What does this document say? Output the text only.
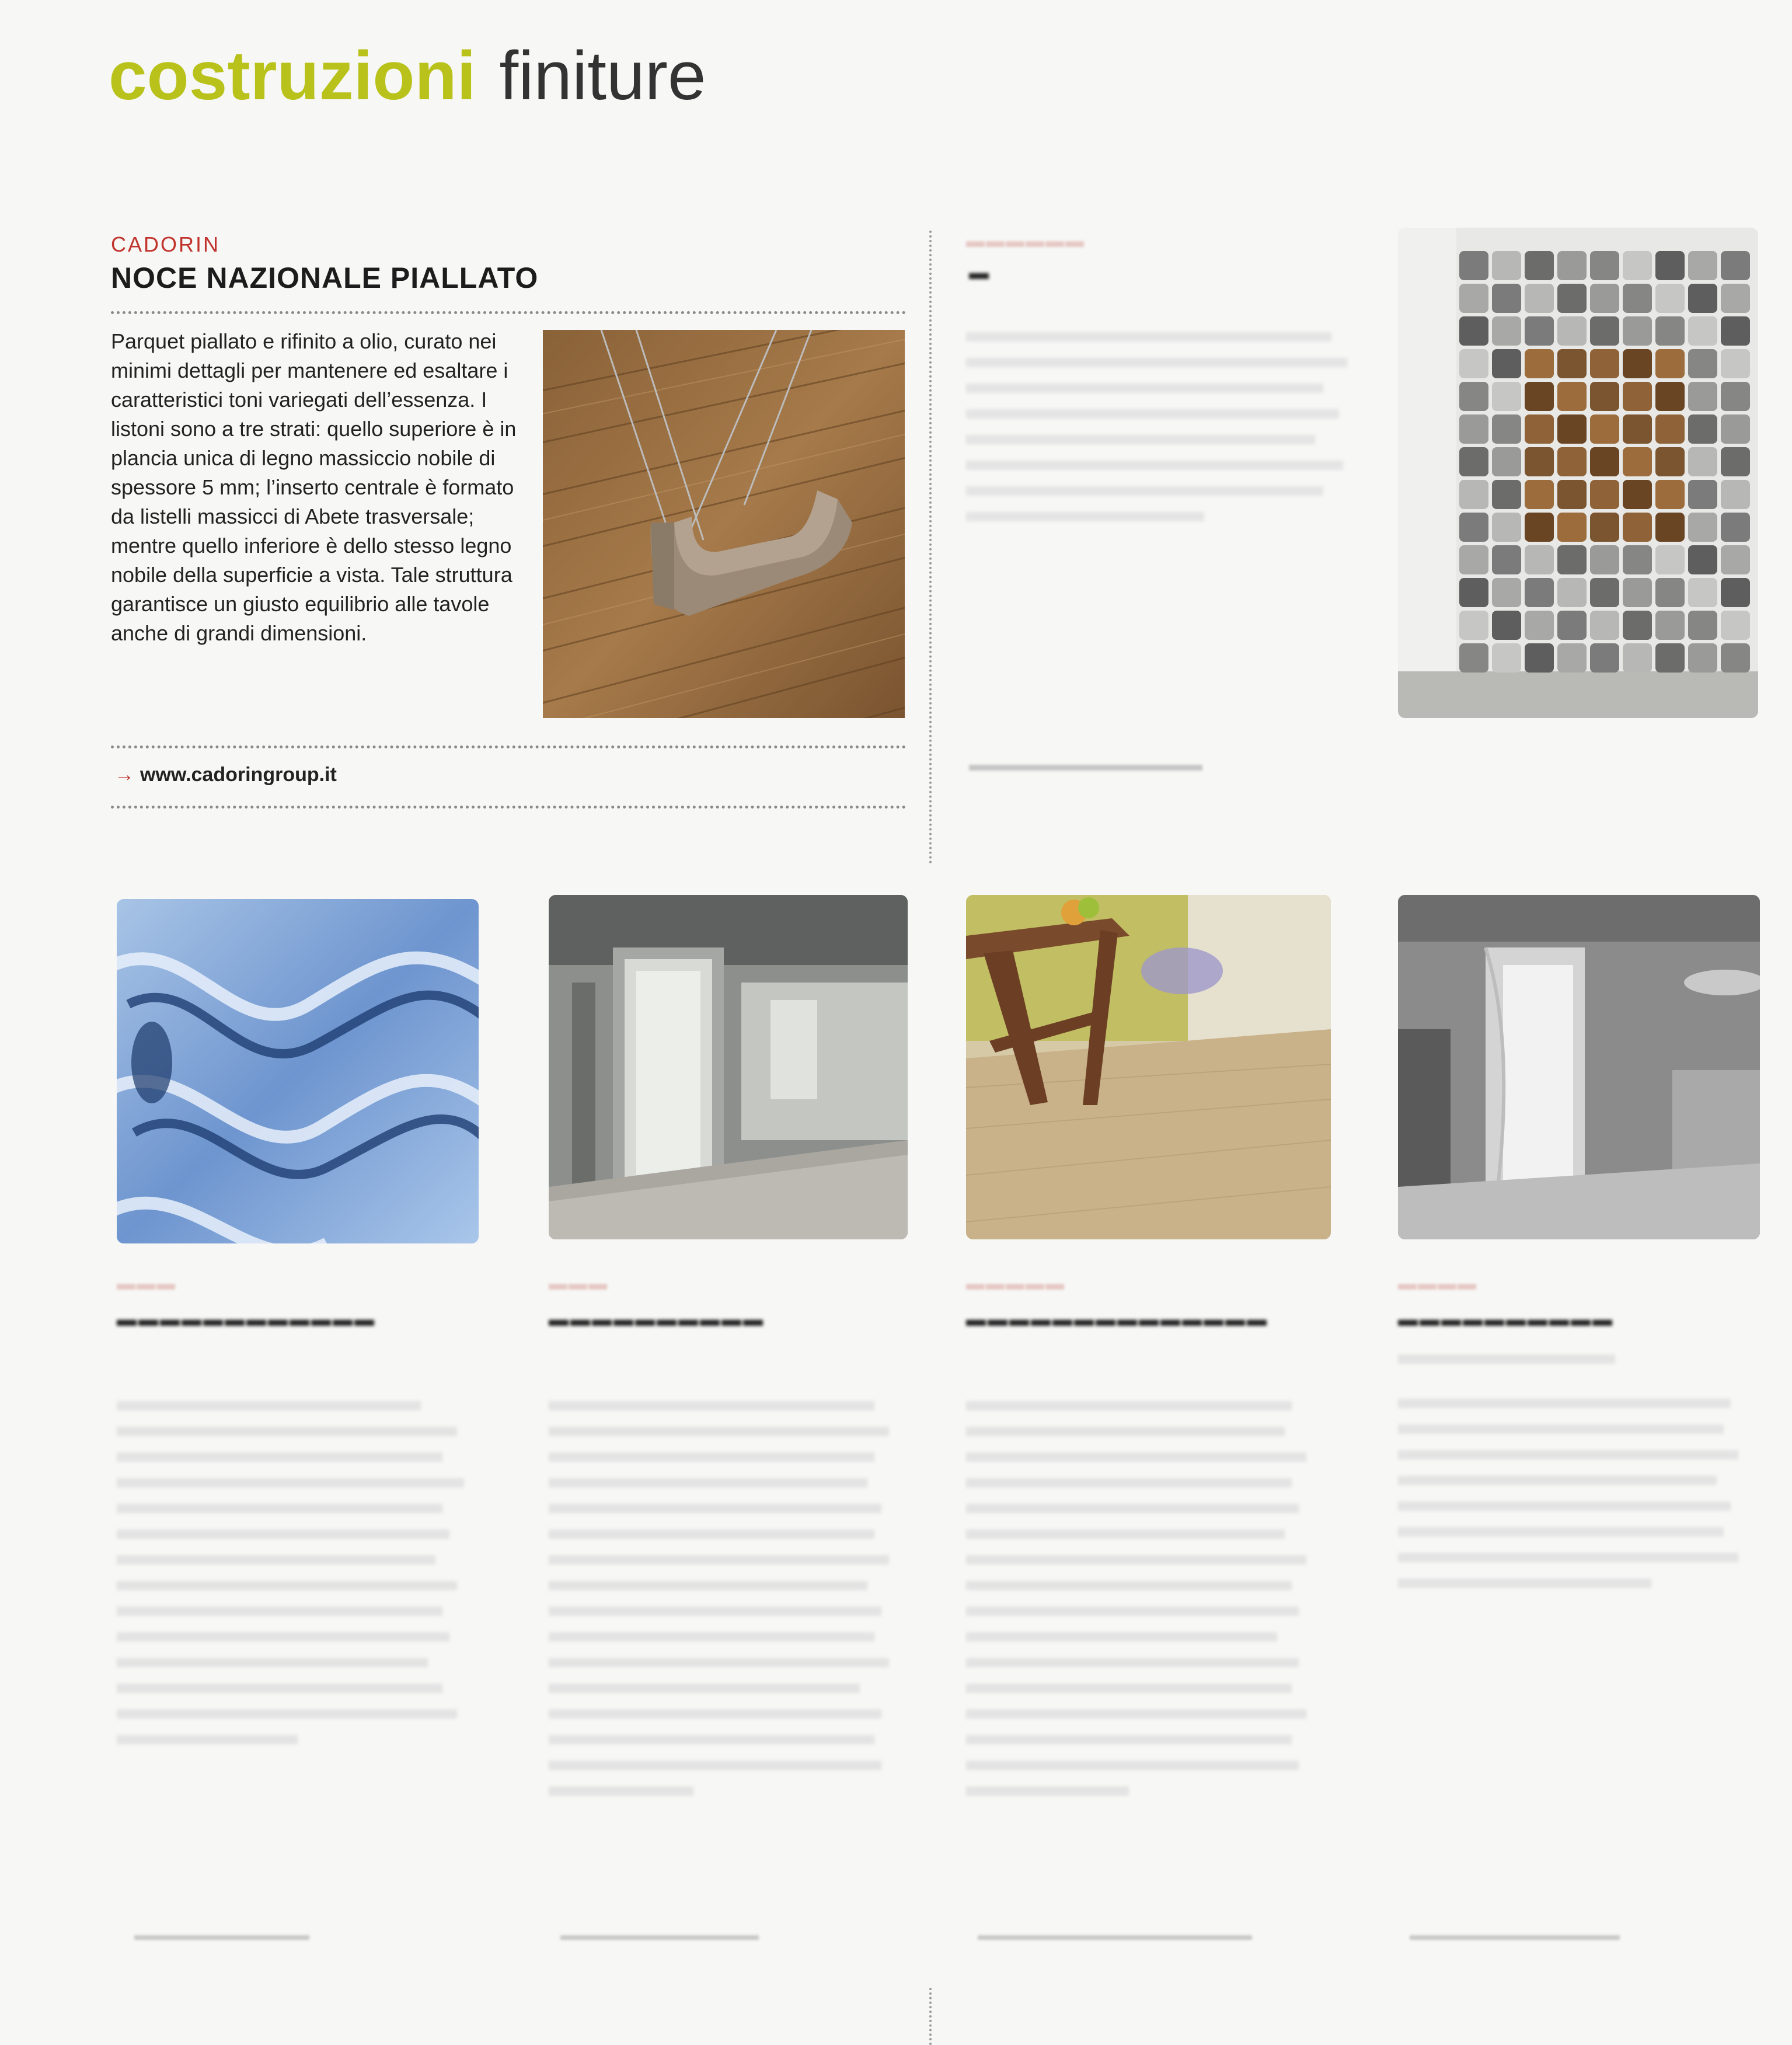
costruzioni finiture
CADORIN
NOCE NAZIONALE PIALLATO
Parquet piallato e rifinito a olio, curato nei minimi dettagli per mantenere ed esaltare i caratteristici toni variegati dell’essenza. I listoni sono a tre strati: quello superiore è in plancia unica di legno massiccio nobile di spessore 5 mm; l’inserto centrale è formato da listelli massicci di Abete trasversale; mentre quello inferiore è dello stesso legno nobile della superficie a vista. Tale struttura garantisce un giusto equilibrio alle tavole anche di grandi dimensioni.
→ www.cadoringroup.it
▬▬▬▬▬▬
▬
▬▬▬
▬▬▬▬▬▬▬▬▬▬▬▬
▬▬▬
▬▬▬▬▬▬▬▬▬▬
▬▬▬▬▬
▬▬▬▬▬▬▬▬▬▬▬▬▬▬
▬▬▬▬
▬▬▬▬▬▬▬▬▬▬
